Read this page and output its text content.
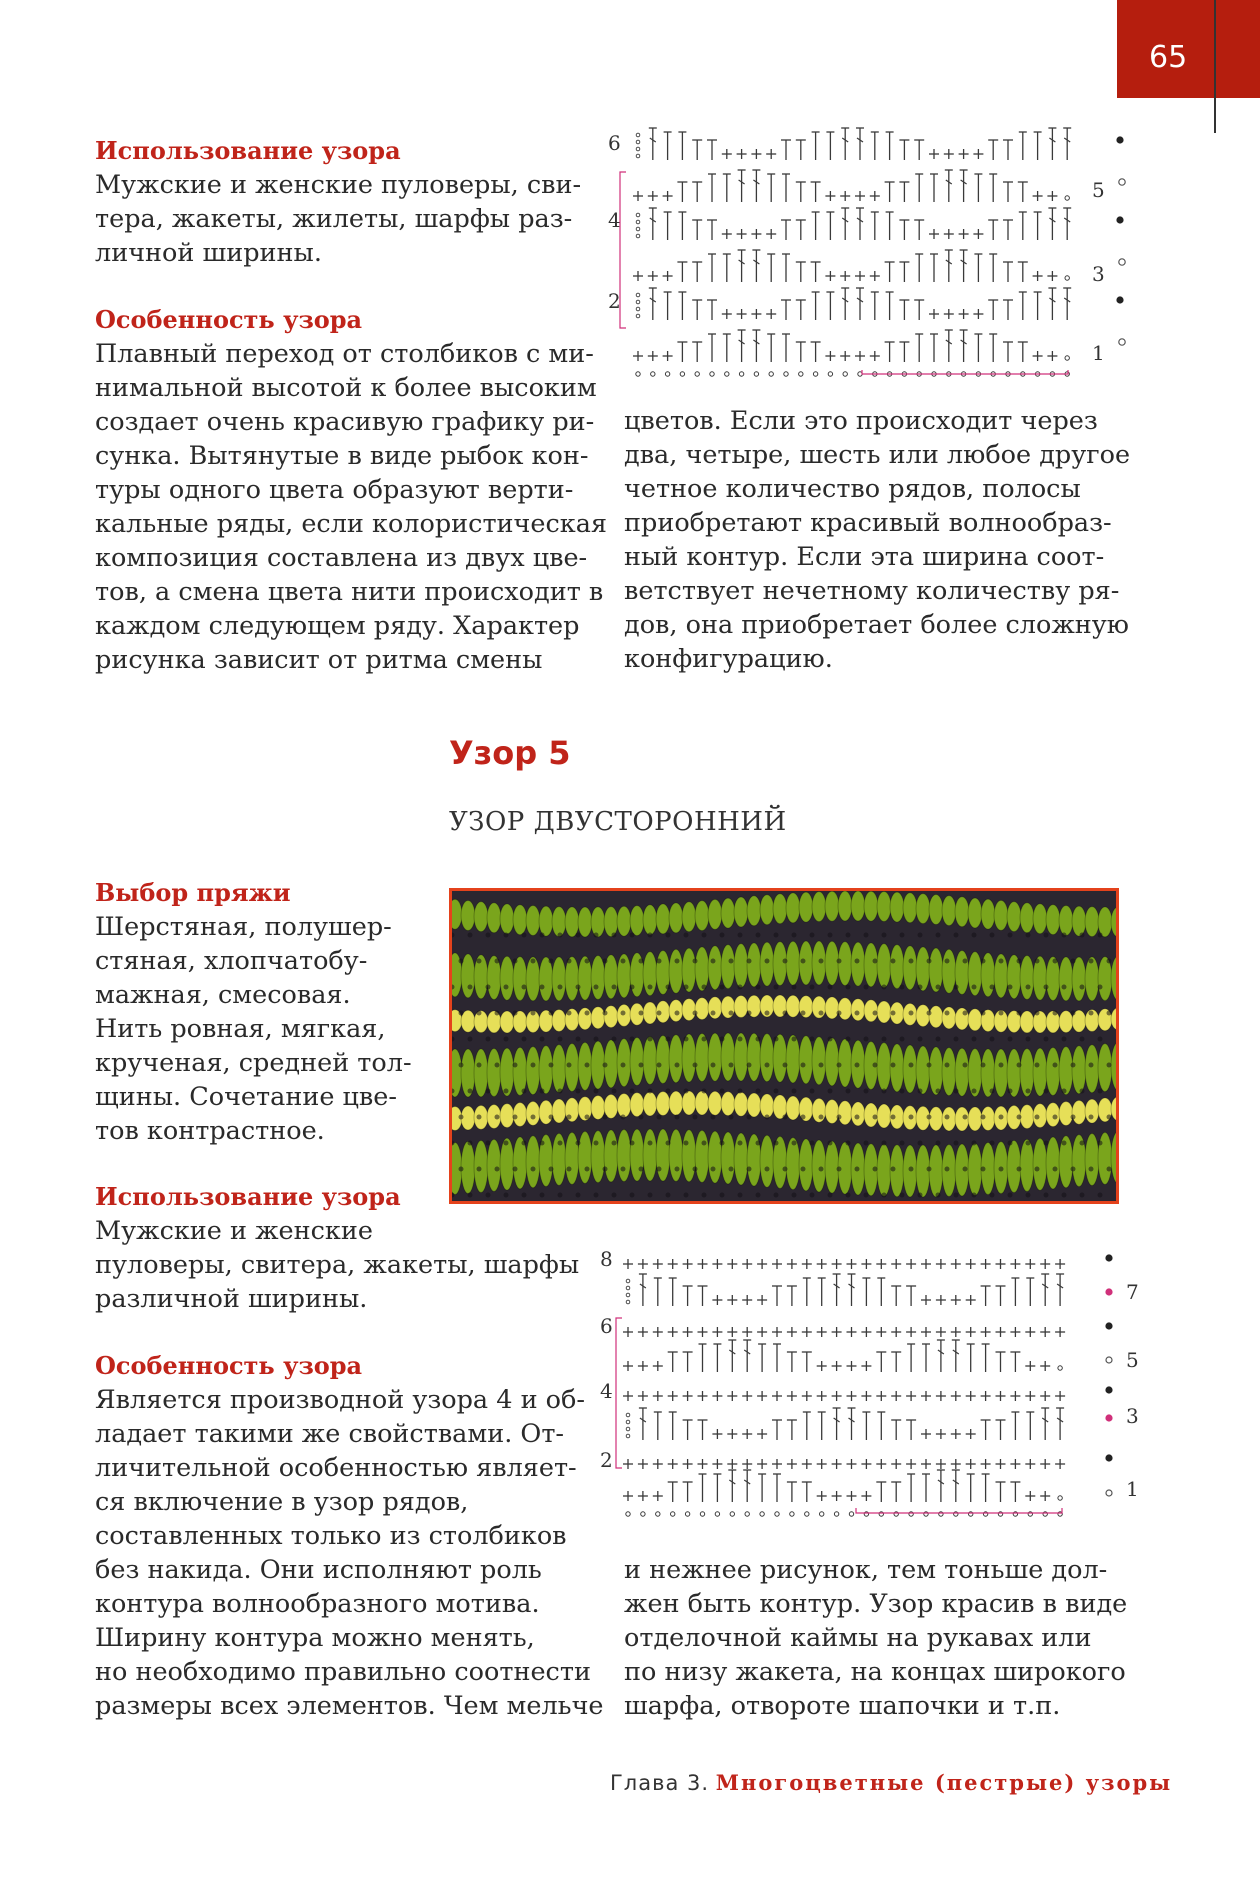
65
Использование узора
Мужские и женские пуловеры, сви-
тера, жакеты, жилеты, шарфы раз-
личной ширины.
Особенность узора
Плавный переход от столбиков с ми-
нимальной высотой к более высоким
создает очень красивую графику ри-
сунка. Вытянутые в виде рыбок кон-
туры одного цвета образуют верти-
кальные ряды, если колористическая
композиция составлена из двух цве-
тов, а смена цвета нити происходит в
каждом следующем ряду. Характер
рисунка зависит от ритма смены
6
4
2
5
3
1
цветов. Если это происходит через
два, четыре, шесть или любое другое
четное количество рядов, полосы
приобретают красивый волнообраз-
ный контур. Если эта ширина соот-
ветствует нечетному количеству ря-
дов, она приобретает более сложную
конфигурацию.
Узор 5
УЗОР ДВУСТОРОННИЙ
Выбор пряжи
Шерстяная, полушер-
стяная, хлопчатобу-
мажная, смесовая.
Нить ровная, мягкая,
крученая, средней тол-
щины. Сочетание цве-
тов контрастное.
Использование узора
Мужские и женские
пуловеры, свитера, жакеты, шарфы
различной ширины.
8
6
4
2
7
5
3
1
Особенность узора
Является производной узора 4 и об-
ладает такими же свойствами. От-
личительной особенностью являет-
ся включение в узор рядов,
составленных только из столбиков
без накида. Они исполняют роль
контура волнообразного мотива.
Ширину контура можно менять,
но необходимо правильно соотнести
размеры всех элементов. Чем мельче
и нежнее рисунок, тем тоньше дол-
жен быть контур. Узор красив в виде
отделочной каймы на рукавах или
по низу жакета, на концах широкого
шарфа, отвороте шапочки и т.п.
Глава 3. Многоцветные (пестрые) узоры
